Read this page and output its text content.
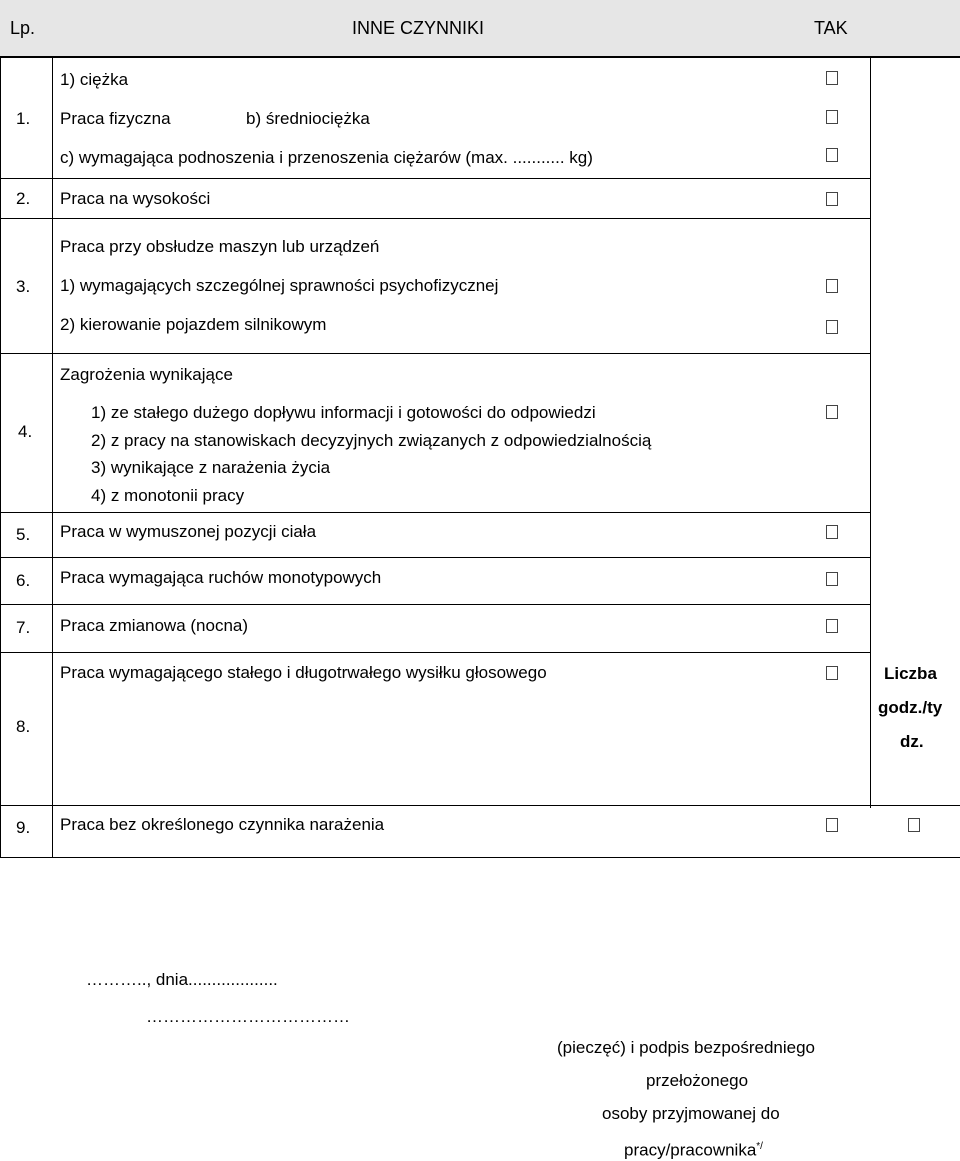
Lp.	INNE CZYNNIKI	TAK
1.
1) ciężka
Praca fizyczna	b) średniociężka
c) wymagająca podnoszenia i przenoszenia ciężarów (max. ........... kg)
2. Praca na wysokości
3.
Praca przy obsłudze maszyn lub urządzeń
1) wymagających szczególnej sprawności psychofizycznej
2) kierowanie pojazdem silnikowym
4.
Zagrożenia wynikające
1) ze stałego dużego dopływu informacji i gotowości do odpowiedzi
2) z pracy na stanowiskach decyzyjnych związanych z odpowiedzialnością
3) wynikające z narażenia życia
4) z monotonii pracy
5. Praca w wymuszonej pozycji ciała
6. Praca wymagająca ruchów monotypowych
7. Praca zmianowa (nocna)
8.
Praca wymagającego stałego i długotrwałego wysiłku głosowego	Liczba
godz./ty
dz.
9. Praca bez określonego czynnika narażenia
……….., dnia...................
………………………………
(pieczęć) i podpis bezpośredniego
przełożonego
osoby przyjmowanej do
pracy/pracownika*/
